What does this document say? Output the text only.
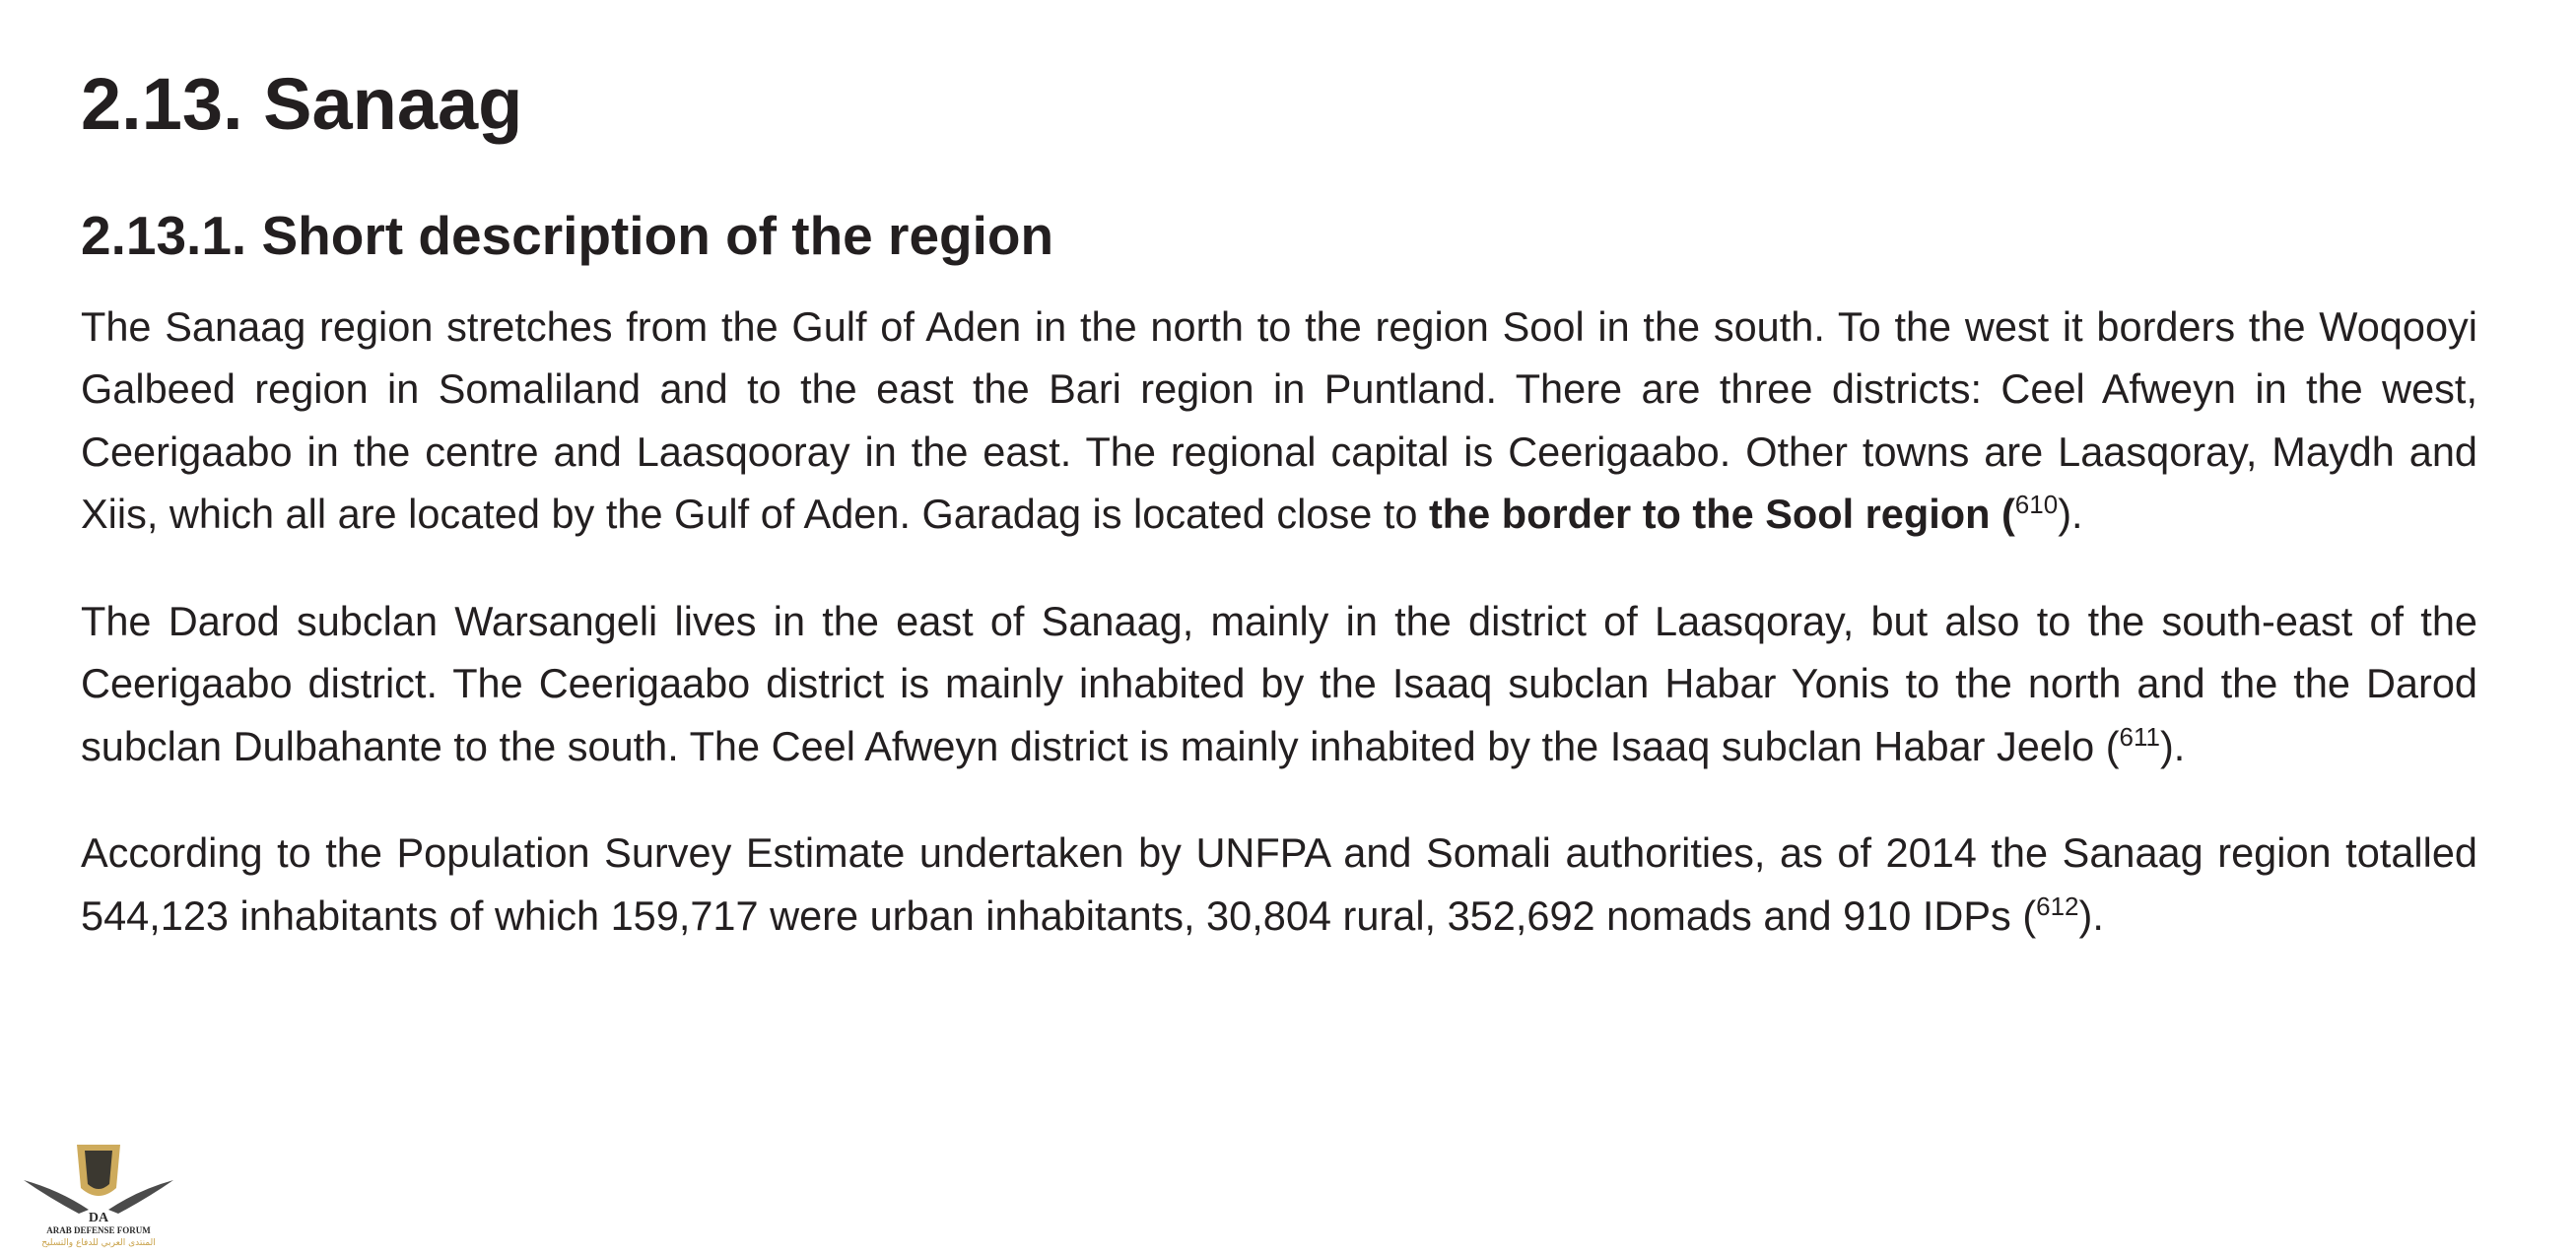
2.13. Sanaag
2.13.1. Short description of the region

The Sanaag region stretches from the Gulf of Aden in the north to the region Sool in the south. To the west it borders the Woqooyi Galbeed region in Somaliland and to the east the Bari region in Puntland. There are three districts: Ceel Afweyn in the west, Ceerigaabo in the centre and Laasqooray in the east. The regional capital is Ceerigaabo. Other towns are Laasqoray, Maydh and Xiis, which all are located by the Gulf of Aden. Garadag is located close to the border to the Sool region ($^{610}$).

The Darod subclan Warsangeli lives in the east of Sanaag, mainly in the district of Laasqoray, but also to the south-east of the Ceerigaabo district. The Ceerigaabo district is mainly inhabited by the Isaaq subclan Habar Yonis to the north and the the Darod subclan Dulbahante to the south. The Ceel Afweyn district is mainly inhabited by the Isaaq subclan Habar Jeelo ($^{611}$).

According to the Population Survey Estimate undertaken by UNFPA and Somali authorities, as of 2014 the Sanaag region totalled 544,123 inhabitants of which 159,717 were urban inhabitants, 30,804 rural, 352,692 nomads and 910 IDPs ($^{612}$).

DA
ARAB DEFENSE FORUM
المنتدى العربي للدفاع والتسليح
